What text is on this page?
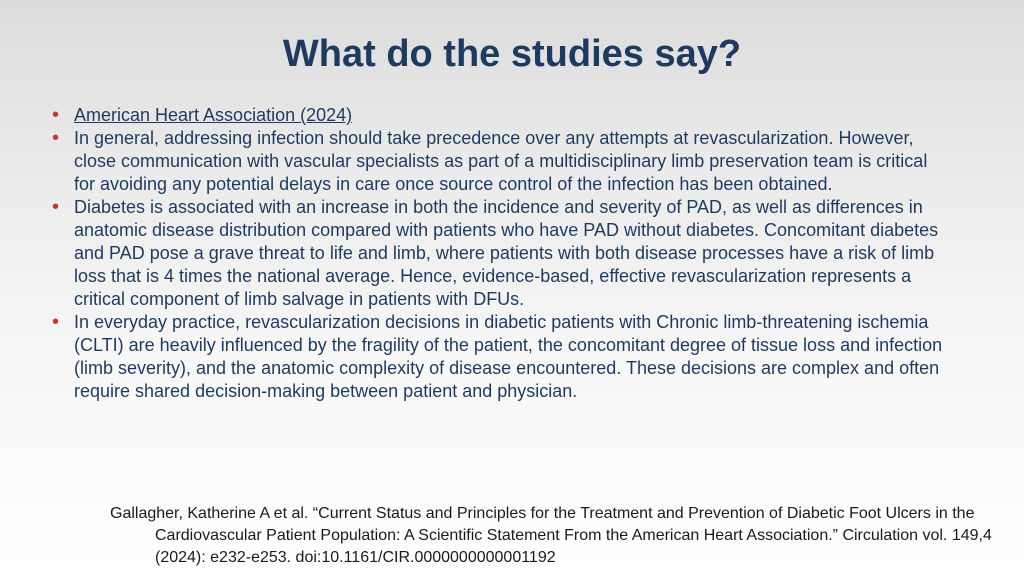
What do the studies say?
• American Heart Association (2024)
• In general, addressing infection should take precedence over any attempts at revascularization. However, close communication with vascular specialists as part of a multidisciplinary limb preservation team is critical for avoiding any potential delays in care once source control of the infection has been obtained.
• Diabetes is associated with an increase in both the incidence and severity of PAD, as well as differences in anatomic disease distribution compared with patients who have PAD without diabetes. Concomitant diabetes and PAD pose a grave threat to life and limb, where patients with both disease processes have a risk of limb loss that is 4 times the national average. Hence, evidence-based, effective revascularization represents a critical component of limb salvage in patients with DFUs.
• In everyday practice, revascularization decisions in diabetic patients with Chronic limb-threatening ischemia (CLTI) are heavily influenced by the fragility of the patient, the concomitant degree of tissue loss and infection (limb severity), and the anatomic complexity of disease encountered. These decisions are complex and often require shared decision-making between patient and physician.

Gallagher, Katherine A et al. “Current Status and Principles for the Treatment and Prevention of Diabetic Foot Ulcers in the Cardiovascular Patient Population: A Scientific Statement From the American Heart Association.” Circulation vol. 149,4 (2024): e232-e253. doi:10.1161/CIR.0000000000001192
